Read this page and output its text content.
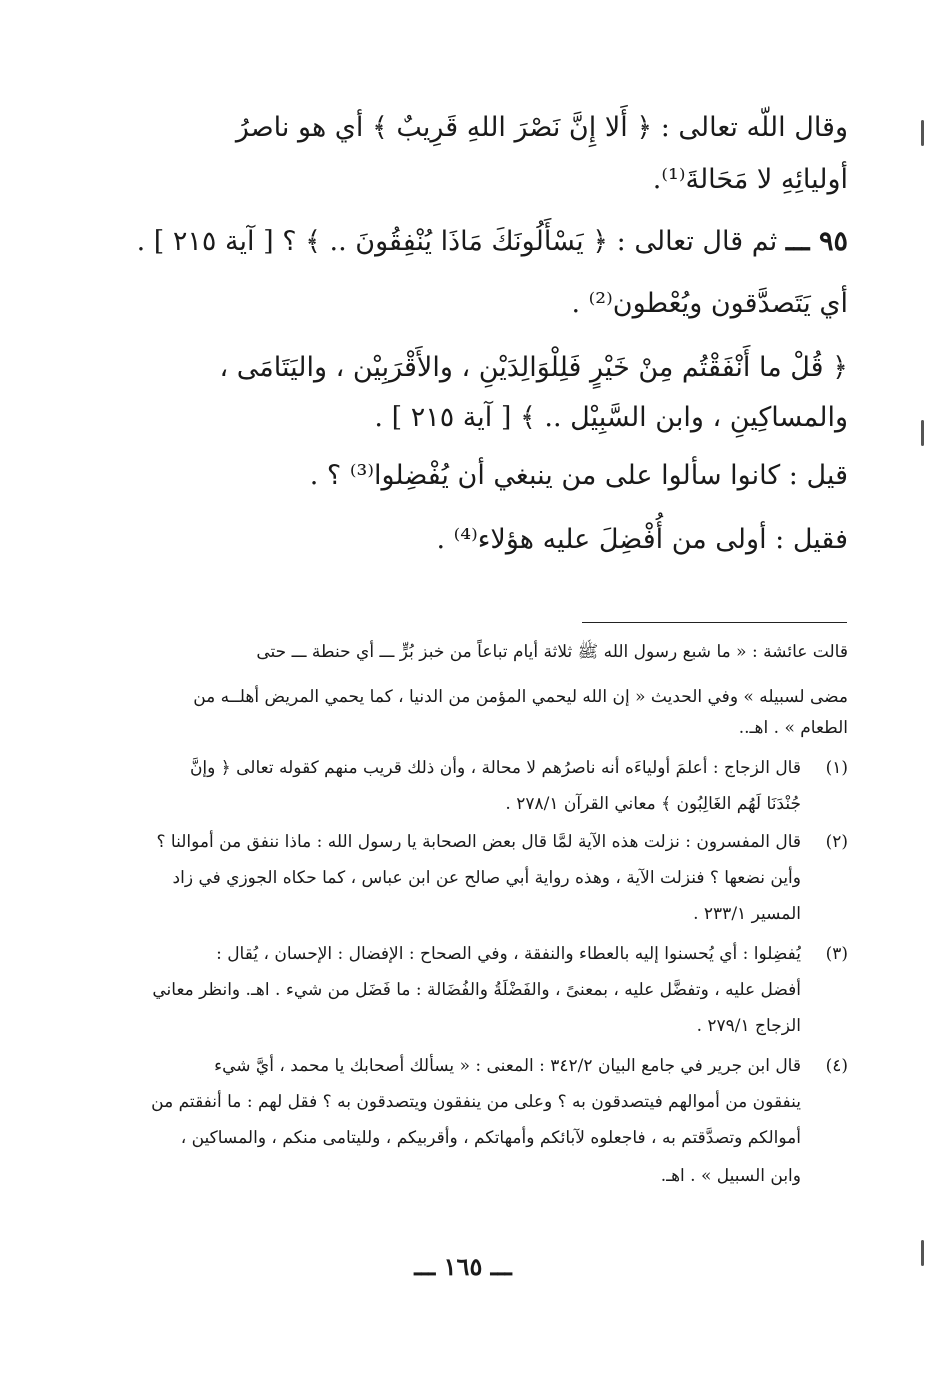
وقال اللّه تعالى : ﴿ أَلا إِنَّ نَصْرَ اللهِ قَرِيبٌ ﴾ أي هو ناصرُ
أوليائِهِ لا مَحَالةَ⁽¹⁾.
٩٥ ـــ ثم قال تعالى : ﴿ يَسْأَلُونَكَ مَاذَا يُنْفِقُونَ .. ﴾ ؟ [ آية ٢١٥ ] .
أي يَتَصدَّقون ويُعْطون⁽²⁾ .
﴿ قُلْ ما أَنْفَقْتُم مِنْ خَيْرٍ فَلِلْوَالِدَيْنِ ، والأَقْرَبِيْن ، واليَتَامَى ،
والمساكِينِ ، وابن السَّبِيْل .. ﴾ [ آية ٢١٥ ] .
قيل : كانوا سألوا على من ينبغي أن يُفْضِلوا⁽³⁾ ؟ .
فقيل : أولى من أُفْضِلَ عليه هؤلاء⁽⁴⁾ .
قالت عائشة : « ما شبع رسول الله ﷺ ثلاثة أيام تباعاً من خبز بُرٍّ ـــ أي حنطة ـــ حتى
مضى لسبيله » وفي الحديث « إن الله ليحمي المؤمن من الدنيا ، كما يحمي المريض أهلــه من
الطعام » . اهـ..
(١)
قال الزجاج : أعلمَ أولياءَه أنه ناصرُهم لا محالة ، وأن ذلك قريب منهم كقوله تعالى ﴿ وإنَّ
جُنْدَنَا لَهُم الغَالِبُون ﴾ معاني القرآن ٢٧٨/١ .
(٢)
قال المفسرون : نزلت هذه الآية لمَّا قال بعض الصحابة يا رسول الله : ماذا ننفق من أموالنا ؟
وأين نضعها ؟ فنزلت الآية ، وهذه رواية أبي صالح عن ابن عباس ، كما حكاه الجوزي في زاد
المسير ٢٣٣/١ .
(٣)
يُفضِلوا : أي يُحسنوا إليه بالعطاء والنفقة ، وفي الصحاح : الإفضال : الإحسان ، يُقال :
أفضل عليه ، وتفضَّل عليه ، بمعنىً ، والفَضْلَةُ والفُضَالة : ما فَضَل من شيء . اهـ. وانظر معاني
الزجاج ٢٧٩/١ .
(٤)
قال ابن جرير في جامع البيان ٣٤٢/٢ : المعنى : « يسألك أصحابك يا محمد ، أيَّ شيء
ينفقون من أموالهم فيتصدقون به ؟ وعلى من ينفقون ويتصدقون به ؟ فقل لهم : ما أنفقتم من
أموالكم وتصدَّقتم به ، فاجعلوه لآبائكم وأمهاتكم ، وأقربيكم ، ولليتامى منكم ، والمساكين ،
وابن السبيل » . اهـ.
ـــ ١٦٥ ـــ
